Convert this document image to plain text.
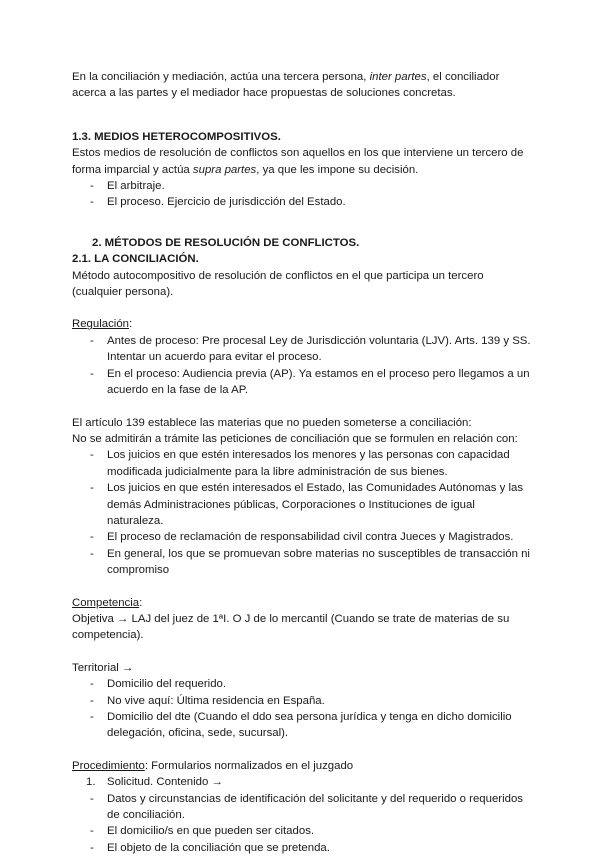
En la conciliación y mediación, actúa una tercera persona, inter partes, el conciliador acerca a las partes y el mediador hace propuestas de soluciones concretas.

1.3. MEDIOS HETEROCOMPOSITIVOS.

Estos medios de resolución de conflictos son aquellos en los que interviene un tercero de forma imparcial y actúa supra partes, ya que les impone su decisión.

- El arbitraje.
- El proceso. Ejercicio de jurisdicción del Estado.

2. MÉTODOS DE RESOLUCIÓN DE CONFLICTOS.

2.1. LA CONCILIACIÓN.

Método autocompositivo de resolución de conflictos en el que participa un tercero (cualquier persona).

Regulación:

- Antes de proceso: Pre procesal Ley de Jurisdicción voluntaria (LJV). Arts. 139 y SS. Intentar un acuerdo para evitar el proceso.
- En el proceso: Audiencia previa (AP). Ya estamos en el proceso pero llegamos a un acuerdo en la fase de la AP.

El artículo 139 establece las materias que no pueden someterse a conciliación:

No se admitirán a trámite las peticiones de conciliación que se formulen en relación con:

- Los juicios en que estén interesados los menores y las personas con capacidad modificada judicialmente para la libre administración de sus bienes.
- Los juicios en que estén interesados el Estado, las Comunidades Autónomas y las demás Administraciones públicas, Corporaciones o Instituciones de igual naturaleza.
- El proceso de reclamación de responsabilidad civil contra Jueces y Magistrados.
- En general, los que se promuevan sobre materias no susceptibles de transacción ni compromiso

Competencia:

Objetiva → LAJ del juez de 1ªI. O J de lo mercantil (Cuando se trate de materias de su competencia).

Territorial →

- Domicilio del requerido.
- No vive aquí: Última residencia en España.
- Domicilio del dte (Cuando el ddo sea persona jurídica y tenga en dicho domicilio delegación, oficina, sede, sucursal).

Procedimiento: Formularios normalizados en el juzgado

1. Solicitud. Contenido →
- Datos y circunstancias de identificación del solicitante y del requerido o requeridos de conciliación.
- El domicilio/s en que pueden ser citados.
- El objeto de la conciliación que se pretenda.
